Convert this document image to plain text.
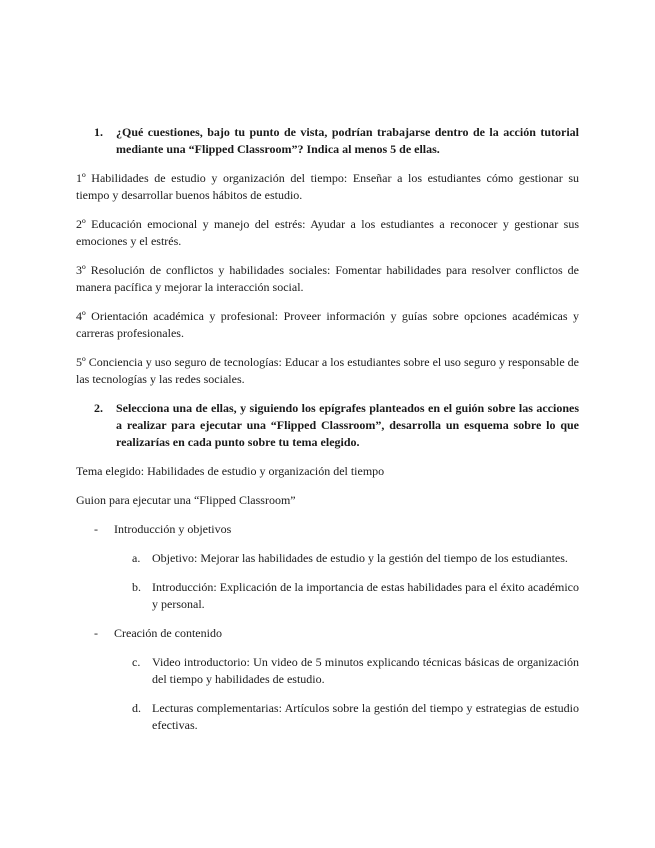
1.	¿Qué cuestiones, bajo tu punto de vista, podrían trabajarse dentro de la acción tutorial mediante una “Flipped Classroom”? Indica al menos 5 de ellas.

1º Habilidades de estudio y organización del tiempo: Enseñar a los estudiantes cómo gestionar su tiempo y desarrollar buenos hábitos de estudio.

2º Educación emocional y manejo del estrés: Ayudar a los estudiantes a reconocer y gestionar sus emociones y el estrés.

3º Resolución de conflictos y habilidades sociales: Fomentar habilidades para resolver conflictos de manera pacífica y mejorar la interacción social.

4º Orientación académica y profesional: Proveer información y guías sobre opciones académicas y carreras profesionales.

5º Conciencia y uso seguro de tecnologías: Educar a los estudiantes sobre el uso seguro y responsable de las tecnologías y las redes sociales.

2.	Selecciona una de ellas, y siguiendo los epígrafes planteados en el guión sobre las acciones a realizar para ejecutar una “Flipped Classroom”, desarrolla un esquema sobre lo que realizarías en cada punto sobre tu tema elegido.

Tema elegido: Habilidades de estudio y organización del tiempo

Guion para ejecutar una “Flipped Classroom”

-	Introducción y objetivos
a. Objetivo: Mejorar las habilidades de estudio y la gestión del tiempo de los estudiantes.
b. Introducción: Explicación de la importancia de estas habilidades para el éxito académico y personal.
-	Creación de contenido
c. Video introductorio: Un video de 5 minutos explicando técnicas básicas de organización del tiempo y habilidades de estudio.
d. Lecturas complementarias: Artículos sobre la gestión del tiempo y estrategias de estudio efectivas.
